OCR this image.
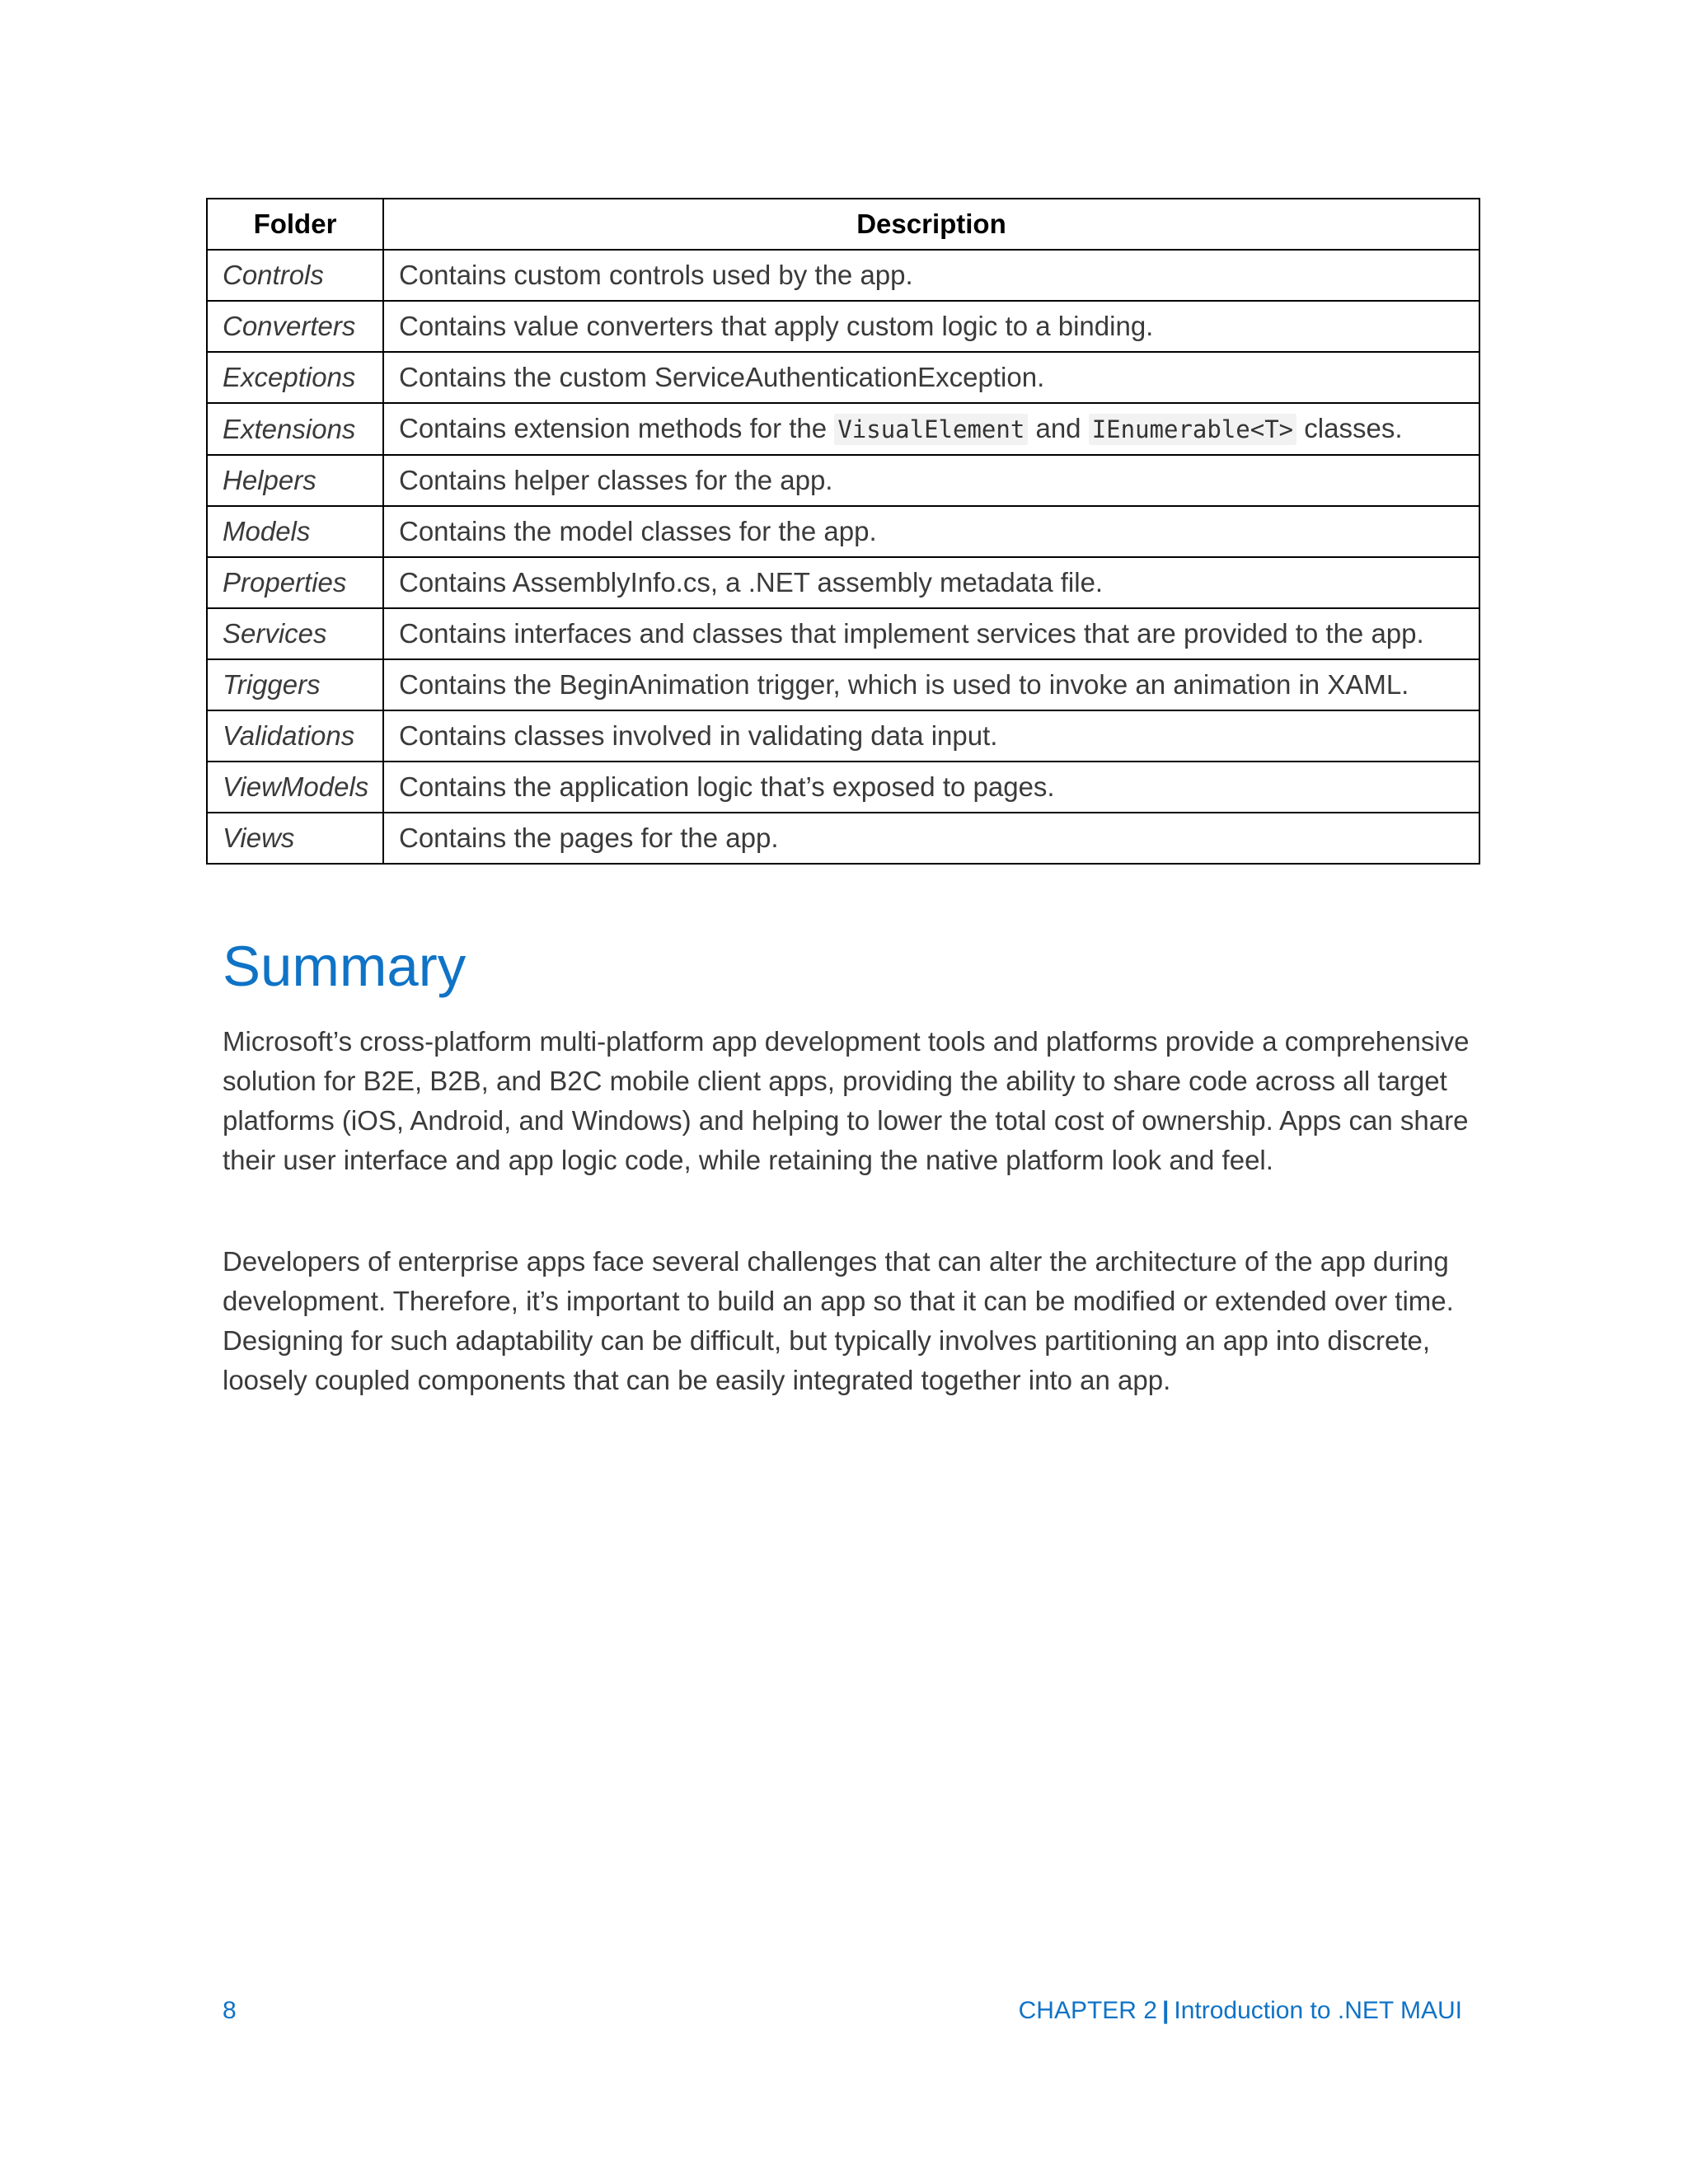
Folder	Description
Controls	Contains custom controls used by the app.
Converters	Contains value converters that apply custom logic to a binding.
Exceptions	Contains the custom ServiceAuthenticationException.
Extensions	Contains extension methods for the VisualElement and IEnumerable<T> classes.
Helpers	Contains helper classes for the app.
Models	Contains the model classes for the app.
Properties	Contains AssemblyInfo.cs, a .NET assembly metadata file.
Services	Contains interfaces and classes that implement services that are provided to the app.
Triggers	Contains the BeginAnimation trigger, which is used to invoke an animation in XAML.
Validations	Contains classes involved in validating data input.
ViewModels	Contains the application logic that’s exposed to pages.
Views	Contains the pages for the app.
Summary

Microsoft’s cross-platform multi-platform app development tools and platforms provide a comprehensive solution for B2E, B2B, and B2C mobile client apps, providing the ability to share code across all target platforms (iOS, Android, and Windows) and helping to lower the total cost of ownership. Apps can share their user interface and app logic code, while retaining the native platform look and feel.

Developers of enterprise apps face several challenges that can alter the architecture of the app during development. Therefore, it’s important to build an app so that it can be modified or extended over time. Designing for such adaptability can be difficult, but typically involves partitioning an app into discrete, loosely coupled components that can be easily integrated together into an app.

8	CHAPTER 2 | Introduction to .NET MAUI
